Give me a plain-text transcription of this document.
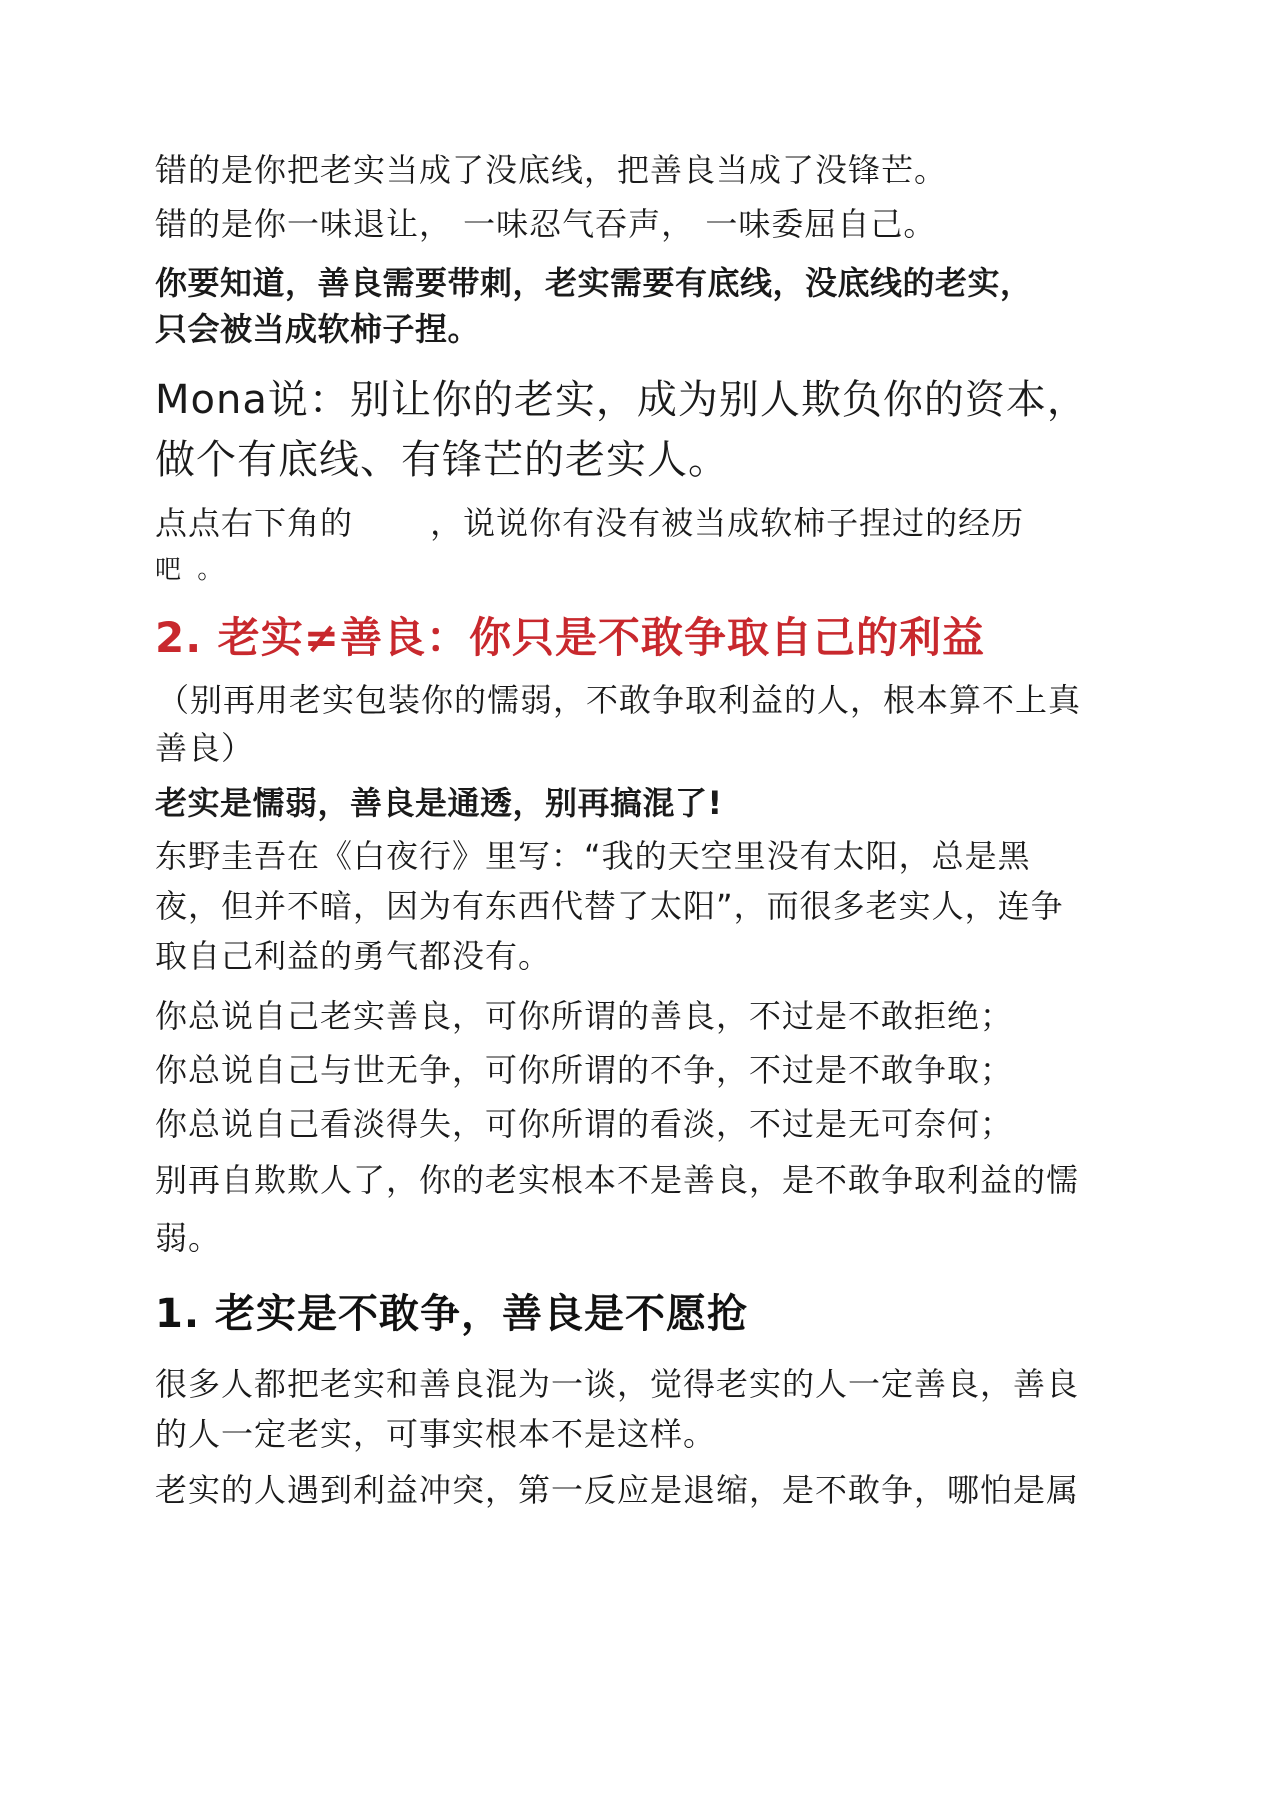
错的是你把老实当成了没底线，把善良当成了没锋芒。
错的是你一味退让， 一味忍气吞声， 一味委屈自己。
你要知道，善良需要带刺，老实需要有底线，没底线的老实，
只会被当成软柿子捏。
Mona说：别让你的老实，成为别人欺负你的资本，
做个有底线、有锋芒的老实人。
点点右下角的　　 ，说说你有没有被当成软柿子捏过的经历
吧 。
2. 老实≠善良：你只是不敢争取自己的利益
（别再用老实包装你的懦弱，不敢争取利益的人，根本算不上真
善良）
老实是懦弱，善良是通透，别再搞混了!
东野圭吾在《白夜行》里写：“我的天空里没有太阳，总是黑
夜，但并不暗，因为有东西代替了太阳”，而很多老实人，连争
取自己利益的勇气都没有。
你总说自己老实善良，可你所谓的善良，不过是不敢拒绝；
你总说自己与世无争，可你所谓的不争，不过是不敢争取；
你总说自己看淡得失，可你所谓的看淡，不过是无可奈何；
别再自欺欺人了，你的老实根本不是善良，是不敢争取利益的懦
弱。
1. 老实是不敢争，善良是不愿抢
很多人都把老实和善良混为一谈，觉得老实的人一定善良，善良
的人一定老实，可事实根本不是这样。
老实的人遇到利益冲突，第一反应是退缩，是不敢争，哪怕是属
